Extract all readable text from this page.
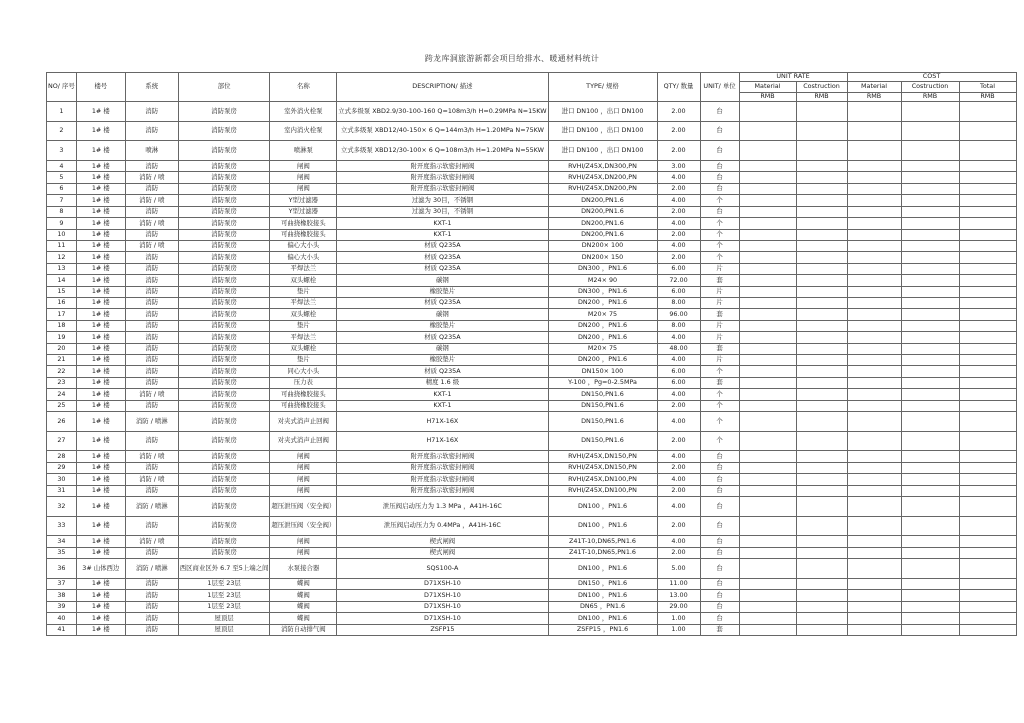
跨龙库洞旅游新都会项目给排水、暖通材料统计
NO/ 序号	楼号	系统	部位	名称	DESCRIPTION/ 描述	TYPE/ 规格	QTY/ 数量	UNIT/ 单位	UNIT RATE		COST		
									Material	Costruction	Material	Costruction	Total
									RMB	RMB	RMB	RMB	RMB
1	1# 楼	消防	消防泵房	室外消火栓泵	立式多级泵 XBD2.9/30-100-160 Q=108m3/h H=0.29MPa N=15KW	进口 DN100 ，出口 DN100	2.00	台					
2	1# 楼	消防	消防泵房	室内消火栓泵	立式多级泵 XBD12/40-150× 6 Q=144m3/h H=1.20MPa N=75KW	进口 DN100 ，出口 DN100	2.00	台					
3	1# 楼	喷淋	消防泵房	喷淋泵	立式多级泵 XBD12/30-100× 6 Q=108m3/h H=1.20MPa N=55KW	进口 DN100 ，出口 DN100	2.00	台					
4	1# 楼	消防	消防泵房	闸阀	附开度指示软密封闸阀	RVHI/Z45X,DN300,PN	3.00	台					
5	1# 楼	消防 / 喷	消防泵房	闸阀	附开度指示软密封闸阀	RVHI/Z45X,DN200,PN	4.00	台					
6	1# 楼	消防	消防泵房	闸阀	附开度指示软密封闸阀	RVHI/Z45X,DN200,PN	2.00	台					
7	1# 楼	消防 / 喷	消防泵房	Y型过滤器	过滤为 30目，不锈钢	DN200,PN1.6	4.00	个					
8	1# 楼	消防	消防泵房	Y型过滤器	过滤为 30目，不锈钢	DN200,PN1.6	2.00	台					
9	1# 楼	消防 / 喷	消防泵房	可曲挠橡胶接头	KXT-1	DN200,PN1.6	4.00	个					
10	1# 楼	消防	消防泵房	可曲挠橡胶接头	KXT-1	DN200,PN1.6	2.00	个					
11	1# 楼	消防 / 喷	消防泵房	偏心大小头	材质 Q235A	DN200× 100	4.00	个					
12	1# 楼	消防	消防泵房	偏心大小头	材质 Q235A	DN200× 150	2.00	个					
13	1# 楼	消防	消防泵房	平焊法兰	材质 Q235A	DN300 ，PN1.6	6.00	片					
14	1# 楼	消防	消防泵房	双头螺栓	碳钢	M24× 90	72.00	套					
15	1# 楼	消防	消防泵房	垫片	橡胶垫片	DN300 ，PN1.6	6.00	片					
16	1# 楼	消防	消防泵房	平焊法兰	材质 Q235A	DN200 ，PN1.6	8.00	片					
17	1# 楼	消防	消防泵房	双头螺栓	碳钢	M20× 75	96.00	套					
18	1# 楼	消防	消防泵房	垫片	橡胶垫片	DN200 ，PN1.6	8.00	片					
19	1# 楼	消防	消防泵房	平焊法兰	材质 Q235A	DN200 ，PN1.6	4.00	片					
20	1# 楼	消防	消防泵房	双头螺栓	碳钢	M20× 75	48.00	套					
21	1# 楼	消防	消防泵房	垫片	橡胶垫片	DN200 ，PN1.6	4.00	片					
22	1# 楼	消防	消防泵房	同心大小头	材质 Q235A	DN150× 100	6.00	个					
23	1# 楼	消防	消防泵房	压力表	精度 1.6 级	Y-100 ，Pg=0-2.5MPa	6.00	套					
24	1# 楼	消防 / 喷	消防泵房	可曲挠橡胶接头	KXT-1	DN150,PN1.6	4.00	个					
25	1# 楼	消防	消防泵房	可曲挠橡胶接头	KXT-1	DN150,PN1.6	2.00	个					
26	1# 楼	消防 / 喷淋	消防泵房	对夹式消声止回阀	H71X-16X	DN150,PN1.6	4.00	个					
27	1# 楼	消防	消防泵房	对夹式消声止回阀	H71X-16X	DN150,PN1.6	2.00	个					
28	1# 楼	消防 / 喷	消防泵房	闸阀	附开度指示软密封闸阀	RVHI/Z45X,DN150,PN	4.00	台					
29	1# 楼	消防	消防泵房	闸阀	附开度指示软密封闸阀	RVHI/Z45X,DN150,PN	2.00	台					
30	1# 楼	消防 / 喷	消防泵房	闸阀	附开度指示软密封闸阀	RVHI/Z45X,DN100,PN	4.00	台					
31	1# 楼	消防	消防泵房	闸阀	附开度指示软密封闸阀	RVHI/Z45X,DN100,PN	2.00	台					
32	1# 楼	消防 / 喷淋	消防泵房	超压泄压阀（安全阀）	泄压阀启动压力为 1.3 MPa ，A41H-16C	DN100 ，PN1.6	4.00	台					
33	1# 楼	消防	消防泵房	超压泄压阀（安全阀）	泄压阀启动压力为 0.4MPa ，A41H-16C	DN100 ，PN1.6	2.00	台					
34	1# 楼	消防 / 喷	消防泵房	闸阀	楔式闸阀	Z41T-10,DN65,PN1.6	4.00	台					
35	1# 楼	消防	消防泵房	闸阀	楔式闸阀	Z41T-10,DN65,PN1.6	2.00	台					
36	3# 山体西边	消防 / 喷淋	西区商业区外 6.7 至5上端之间	水泵接合器	SQS100-A	DN100 ，PN1.6	5.00	台					
37	1# 楼	消防	1层至 23层	蝶阀	D71XSH-10	DN150 ，PN1.6	11.00	台					
38	1# 楼	消防	1层至 23层	蝶阀	D71XSH-10	DN100 ，PN1.6	13.00	台					
39	1# 楼	消防	1层至 23层	蝶阀	D71XSH-10	DN65 ，PN1.6	29.00	台					
40	1# 楼	消防	屋顶层	蝶阀	D71XSH-10	DN100 ，PN1.6	1.00	台					
41	1# 楼	消防	屋顶层	消防自动排气阀	ZSFP15	ZSFP15 ，PN1.6	1.00	套					
